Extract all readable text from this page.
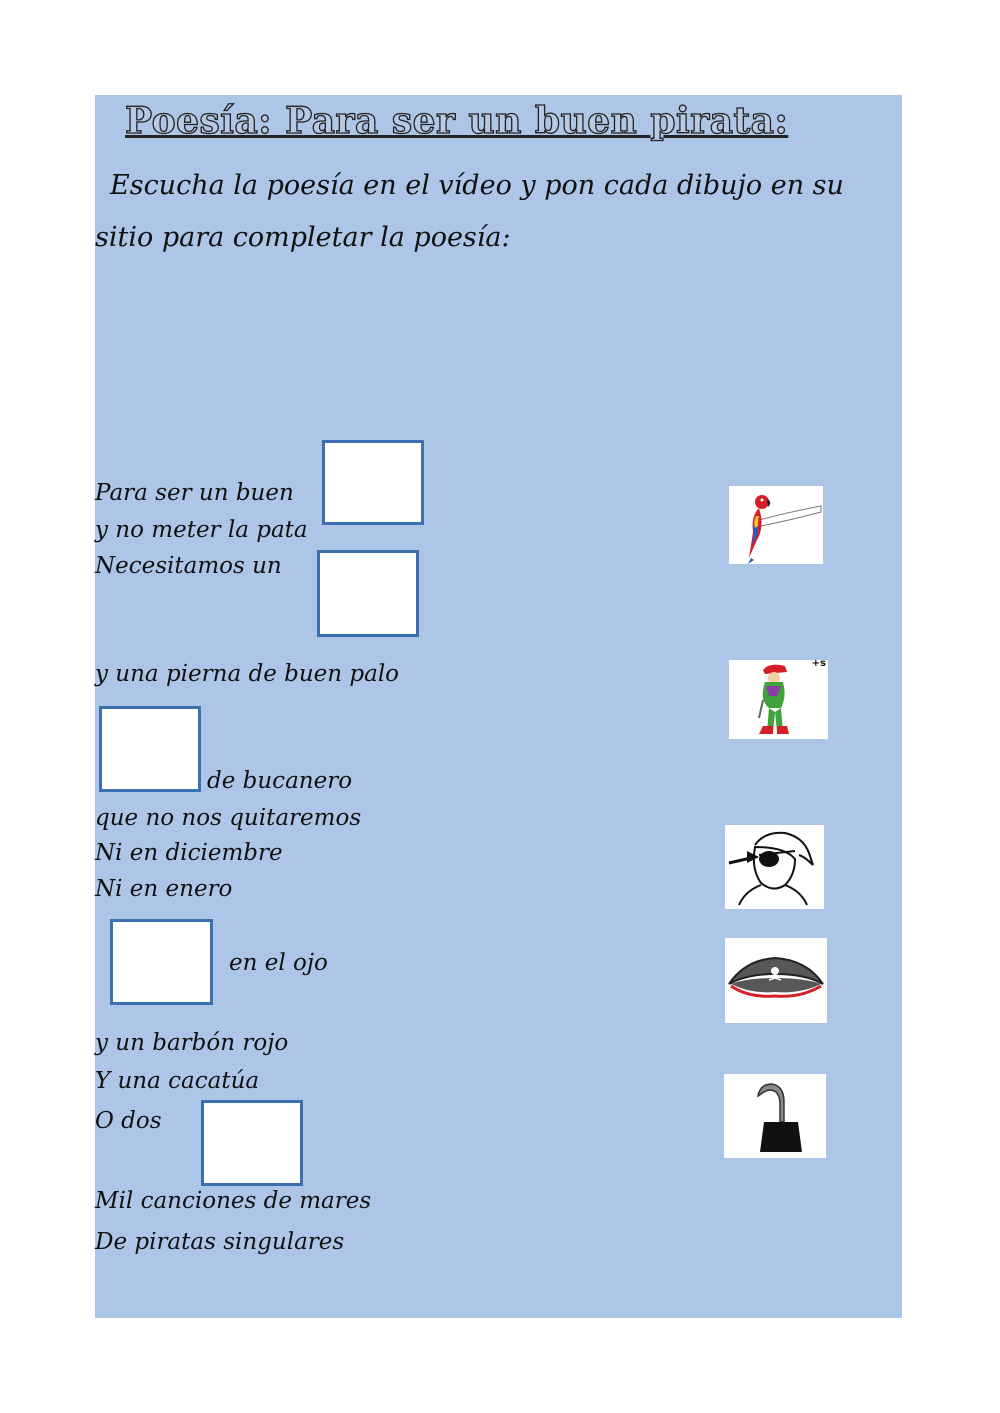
Poesía: Para ser un buen pirata:
Escucha la poesía en el vídeo y pon cada dibujo en su
sitio para completar la poesía:
Para ser un buen
y no meter la pata
Necesitamos un
y una pierna de buen palo
de bucanero
que no nos quitaremos
Ni en diciembre
Ni en enero
en el ojo
y un barbón rojo
Y una cacatúa
O dos
Mil canciones de mares
De piratas singulares
+s
